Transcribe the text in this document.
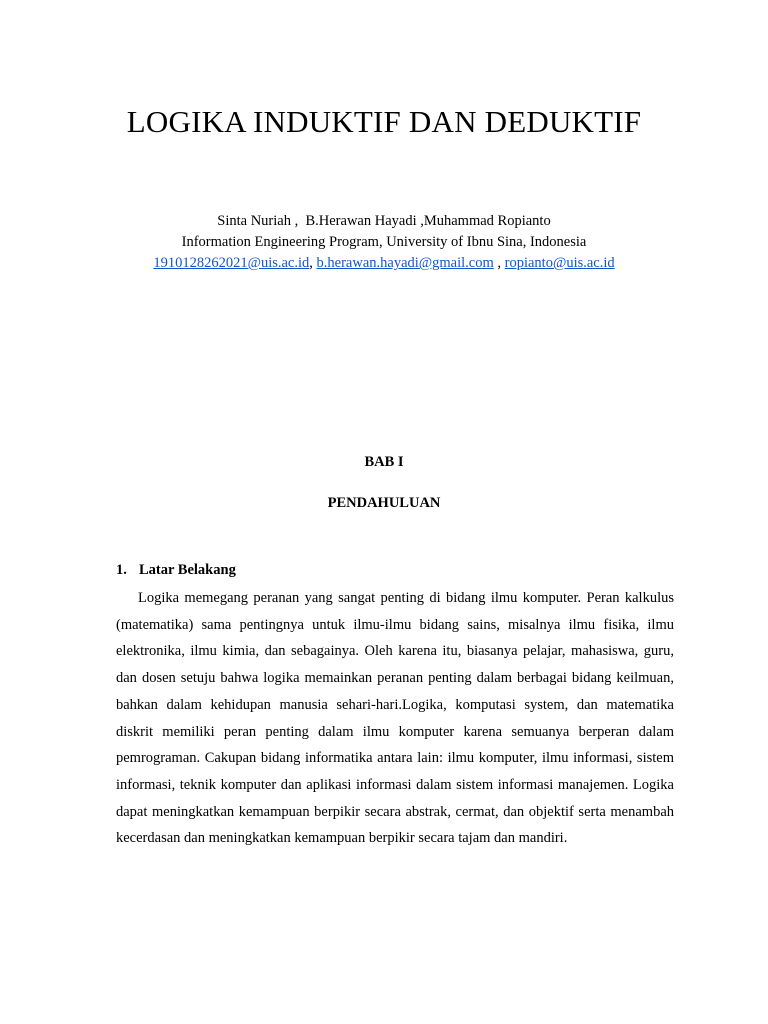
LOGIKA INDUKTIF DAN DEDUKTIF
Sinta Nuriah ,  B.Herawan Hayadi ,Muhammad Ropianto
Information Engineering Program, University of Ibnu Sina, Indonesia
1910128262021@uis.ac.id, b.herawan.hayadi@gmail.com , ropianto@uis.ac.id

BAB I

PENDAHULUAN

1. Latar Belakang

Logika memegang peranan yang sangat penting di bidang ilmu komputer. Peran kalkulus (matematika) sama pentingnya untuk ilmu-ilmu bidang sains, misalnya ilmu fisika, ilmu elektronika, ilmu kimia, dan sebagainya. Oleh karena itu, biasanya pelajar, mahasiswa, guru, dan dosen setuju bahwa logika memainkan peranan penting dalam berbagai bidang keilmuan, bahkan dalam kehidupan manusia sehari-hari.Logika, komputasi system, dan matematika diskrit memiliki peran penting dalam ilmu komputer karena semuanya berperan dalam pemrograman. Cakupan bidang informatika antara lain: ilmu komputer, ilmu informasi, sistem informasi, teknik komputer dan aplikasi informasi dalam sistem informasi manajemen. Logika dapat meningkatkan kemampuan berpikir secara abstrak, cermat, dan objektif serta menambah kecerdasan dan meningkatkan kemampuan berpikir secara tajam dan mandiri.
